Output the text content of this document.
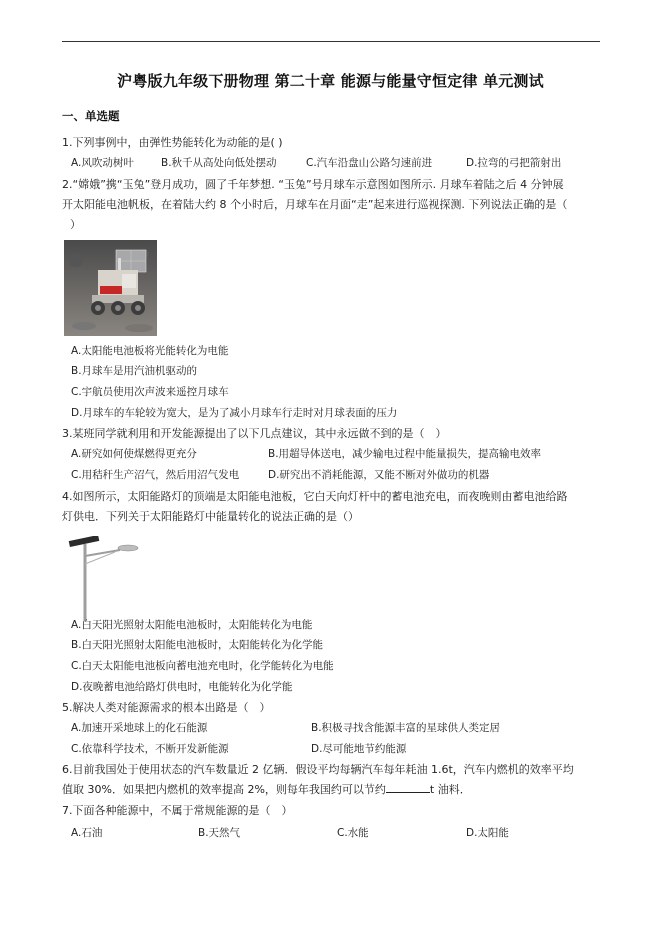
沪粤版九年级下册物理 第二十章 能源与能量守恒定律 单元测试
一、单选题
1.下列事例中，由弹性势能转化为动能的是( )
A.风吹动树叶	B.秋千从高处向低处摆动	C.汽车沿盘山公路匀速前进	D.拉弯的弓把箭射出
2.“嫦娥”携“玉兔”登月成功，圆了千年梦想. “玉兔”号月球车示意图如图所示. 月球车着陆之后 4 分钟展
开太阳能电池帆板，在着陆大约 8 个小时后，月球车在月面“走”起来进行巡视探测. 下列说法正确的是（
）
A.太阳能电池板将光能转化为电能
B.月球车是用汽油机驱动的
C.宇航员使用次声波来遥控月球车
D.月球车的车轮较为宽大，是为了减小月球车行走时对月球表面的压力
3.某班同学就利用和开发能源提出了以下几点建议，其中永远做不到的是（　）
A.研究如何使煤燃得更充分	B.用超导体送电，减少输电过程中能量损失，提高输电效率
C.用秸秆生产沼气，然后用沼气发电	D.研究出不消耗能源，又能不断对外做功的机器
4.如图所示，太阳能路灯的顶端是太阳能电池板，它白天向灯杆中的蓄电池充电，而夜晚则由蓄电池给路
灯供电．下列关于太阳能路灯中能量转化的说法正确的是（）
A.白天阳光照射太阳能电池板时，太阳能转化为电能
B.白天阳光照射太阳能电池板时，太阳能转化为化学能
C.白天太阳能电池板向蓄电池充电时，化学能转化为电能
D.夜晚蓄电池给路灯供电时，电能转化为化学能
5.解决人类对能源需求的根本出路是（　）
A.加速开采地球上的化石能源	B.积极寻找含能源丰富的星球供人类定居
C.依靠科学技术，不断开发新能源	D.尽可能地节约能源
6.目前我国处于使用状态的汽车数量近 2 亿辆．假设平均每辆汽车每年耗油 1.6t，汽车内燃机的效率平均
值取 30%．如果把内燃机的效率提高 2%，则每年我国约可以节约	t 油料．
7.下面各种能源中，不属于常规能源的是（　）
A.石油	B.天然气	C.水能	D.太阳能
